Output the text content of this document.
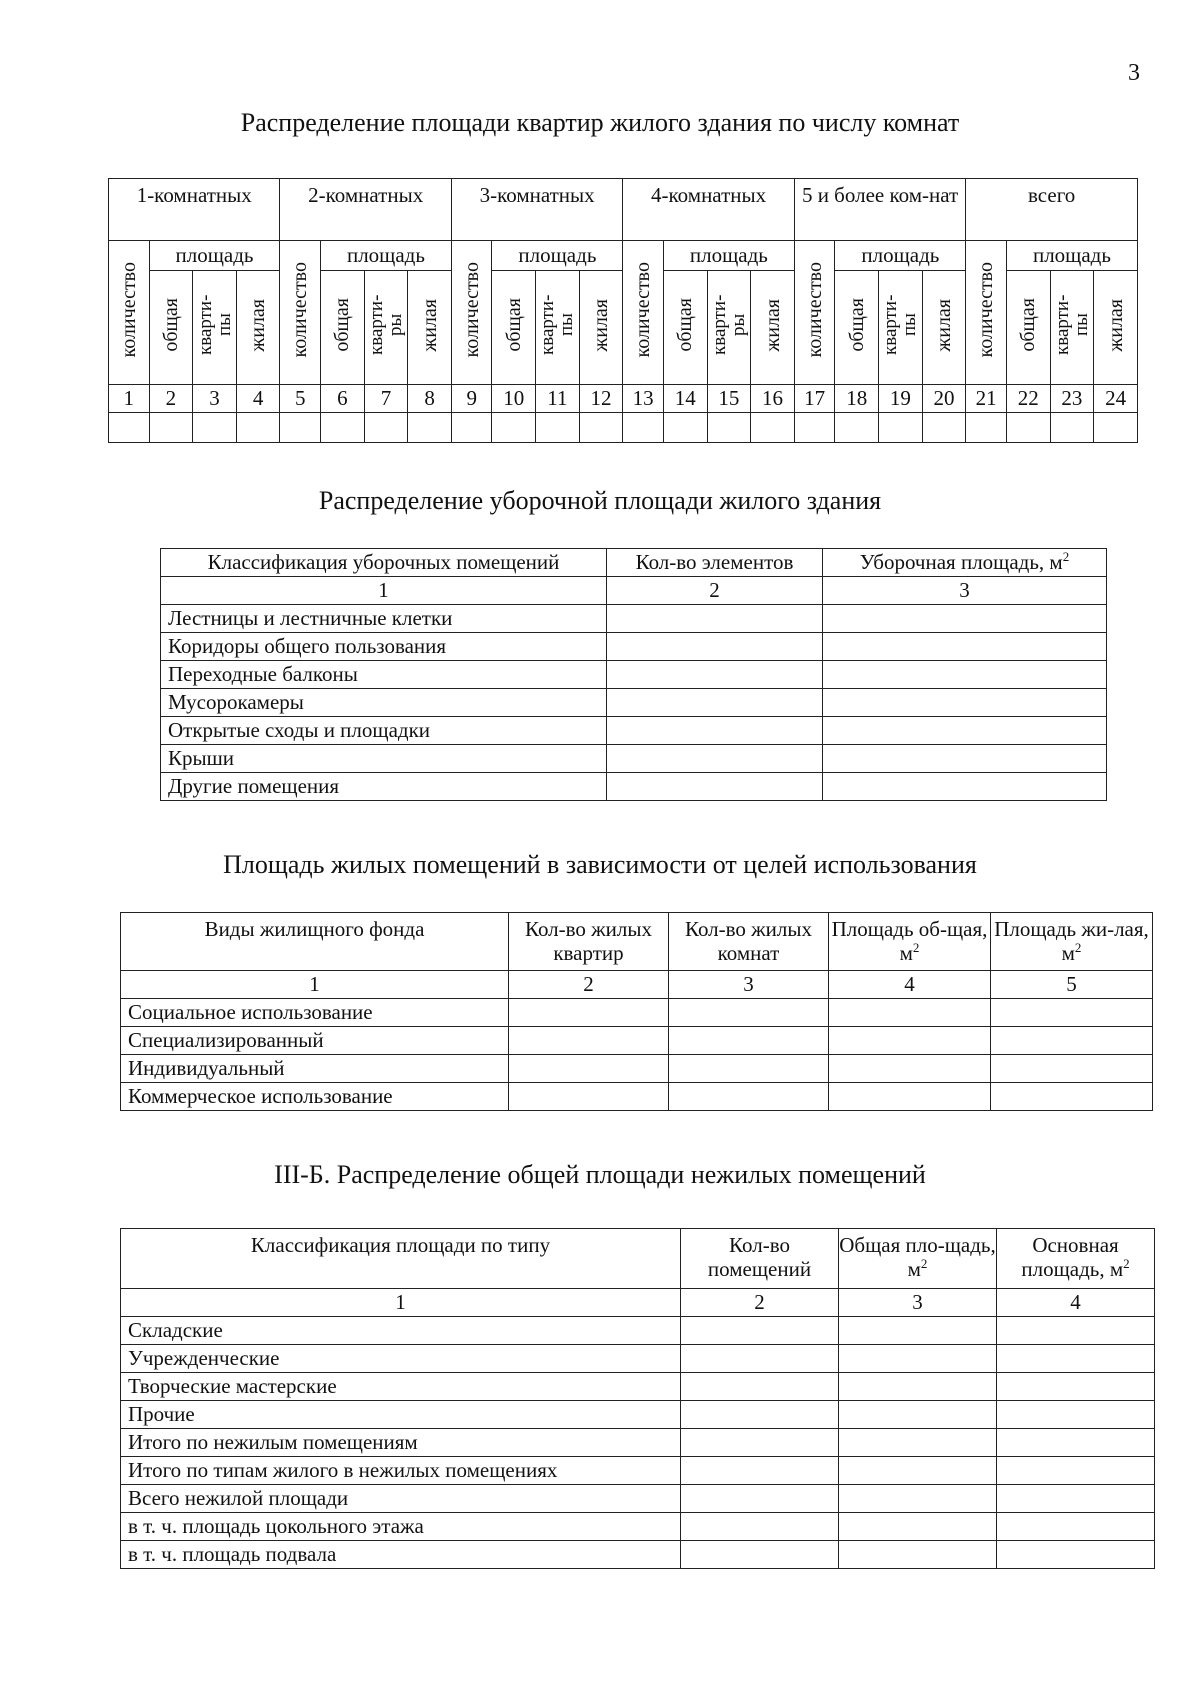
3
Распределение площади квартир жилого здания по числу комнат
1-комнатных				2-комнатных				3-комнатных				4-комнатных				5 и более ком-нат				всего			
количество	площадь			количество	площадь			количество	площадь			количество	площадь			количество	площадь			количество	площадь		
	общая	кварти-пы	жилая		общая	кварти-ры	жилая		общая	кварти-пы	жилая		общая	кварти-ры	жилая		общая	кварти-пы	жилая		общая	кварти-пы	жилая
1	2	3	4	5	6	7	8	9	10	11	12	13	14	15	16	17	18	19	20	21	22	23	24

Распределение уборочной площади жилого здания
Классификация уборочных помещений	Кол-во элементов	Уборочная площадь, $м^2$
1	2	3
Лестницы и лестничные клетки		
Коридоры общего пользования		
Переходные балконы		
Мусорокамеры		
Открытые сходы и площадки		
Крыши		
Другие помещения		
Площадь жилых помещений в зависимости от целей использования
Виды жилищного фонда	Кол-во жилых квартир	Кол-во жилых комнат	Площадь об-щая, $м^2$	Площадь жи-лая, $м^2$
1	2	3	4	5
Социальное использование				
Специализированный				
Индивидуальный				
Коммерческое использование				
III-Б. Распределение общей площади нежилых помещений
Классификация площади по типу	Кол-во помещений	Общая пло-щадь, $м^2$	Основная площадь, $м^2$
1	2	3	4
Складские			
Учрежденческие			
Творческие мастерские			
Прочие			
Итого по нежилым помещениям			
Итого по типам жилого в нежилых помещениях			
Всего нежилой площади			
в т. ч. площадь цокольного этажа			
в т. ч. площадь подвала			
